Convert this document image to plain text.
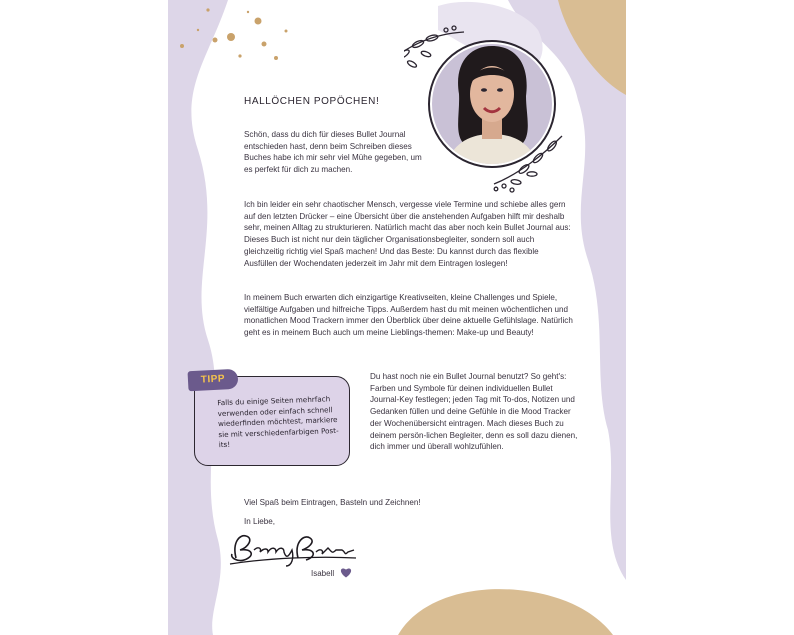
HALLÖCHEN POPÖCHEN!
Schön, dass du dich für dieses Bullet Journal entschieden hast, denn beim Schreiben dieses Buches habe ich mir sehr viel Mühe gegeben, um es perfekt für dich zu machen.
Ich bin leider ein sehr chaotischer Mensch, vergesse viele Termine und schiebe alles gern auf den letzten Drücker – eine Übersicht über die anstehenden Aufgaben hilft mir deshalb sehr, meinen Alltag zu strukturieren. Natürlich macht das aber noch kein Bullet Journal aus: Dieses Buch ist nicht nur dein täglicher Organisationsbegleiter, sondern soll auch gleichzeitig richtig viel Spaß machen! Und das Beste: Du kannst durch das flexible Ausfüllen der Wochendaten jederzeit im Jahr mit dem Eintragen loslegen!
In meinem Buch erwarten dich einzigartige Kreativseiten, kleine Challenges und Spiele, vielfältige Aufgaben und hilfreiche Tipps. Außerdem hast du mit meinen wöchentlichen und monatlichen Mood Trackern immer den Überblick über deine aktuelle Gefühlslage. Natürlich geht es in meinem Buch auch um meine Lieblings-themen: Make-up und Beauty!
TIPP
Falls du einige Seiten mehrfach verwenden oder einfach schnell wiederfinden möchtest, markiere sie mit verschiedenfarbigen Post-its!
Du hast noch nie ein Bullet Journal benutzt? So geht's: Farben und Symbole für deinen individuellen Bullet Journal-Key festlegen; jeden Tag mit To-dos, Notizen und Gedanken füllen und deine Gefühle in die Mood Tracker der Wochenübersicht eintragen. Mach dieses Buch zu deinem persön-lichen Begleiter, denn es soll dazu dienen, dich immer und überall wohlzufühlen.
Viel Spaß beim Eintragen, Basteln und Zeichnen!
In Liebe,
Isabell
